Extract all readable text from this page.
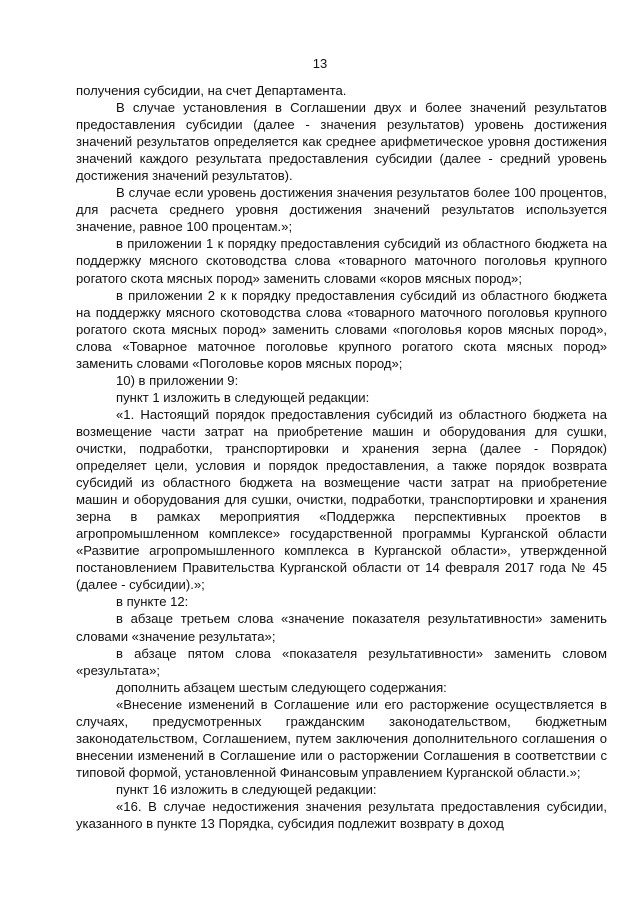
13

получения субсидии, на счет Департамента.

В случае установления в Соглашении двух и более значений результатов предоставления субсидии (далее - значения результатов) уровень достижения значений результатов определяется как среднее арифметическое уровня достижения значений каждого результата предоставления субсидии (далее - средний уровень достижения значений результатов).

В случае если уровень достижения значения результатов более 100 процентов, для расчета среднего уровня достижения значений результатов используется значение, равное 100 процентам.»;

в приложении 1 к порядку предоставления субсидий из областного бюджета на поддержку мясного скотоводства слова «товарного маточного поголовья крупного рогатого скота мясных пород» заменить словами «коров мясных пород»;

в приложении 2 к к порядку предоставления субсидий из областного бюджета на поддержку мясного скотоводства слова «товарного маточного поголовья крупного рогатого скота мясных пород» заменить словами «поголовья коров мясных пород», слова «Товарное маточное поголовье крупного рогатого скота мясных пород» заменить словами «Поголовье коров мясных пород»;

10) в приложении 9:

пункт 1 изложить в следующей редакции:

«1. Настоящий порядок предоставления субсидий из областного бюджета на возмещение части затрат на приобретение машин и оборудования для сушки, очистки, подработки, транспортировки и хранения зерна (далее - Порядок) определяет цели, условия и порядок предоставления, а также порядок возврата субсидий из областного бюджета на возмещение части затрат на приобретение машин и оборудования для сушки, очистки, подработки, транспортировки и хранения зерна в рамках мероприятия «Поддержка перспективных проектов в агропромышленном комплексе» государственной программы Курганской области «Развитие агропромышленного комплекса в Курганской области», утвержденной постановлением Правительства Курганской области от 14 февраля 2017 года № 45 (далее - субсидии).»;

в пункте 12:

в абзаце третьем слова «значение показателя результативности» заменить словами «значение результата»;

в абзаце пятом слова «показателя результативности» заменить словом «результата»;

дополнить абзацем шестым следующего содержания:

«Внесение изменений в Соглашение или его расторжение осуществляется в случаях, предусмотренных гражданским законодательством, бюджетным законодательством, Соглашением, путем заключения дополнительного соглашения о внесении изменений в Соглашение или о расторжении Соглашения в соответствии с типовой формой, установленной Финансовым управлением Курганской области.»;

пункт 16 изложить в следующей редакции:

«16. В случае недостижения значения результата предоставления субсидии, указанного в пункте 13 Порядка, субсидия подлежит возврату в доход
